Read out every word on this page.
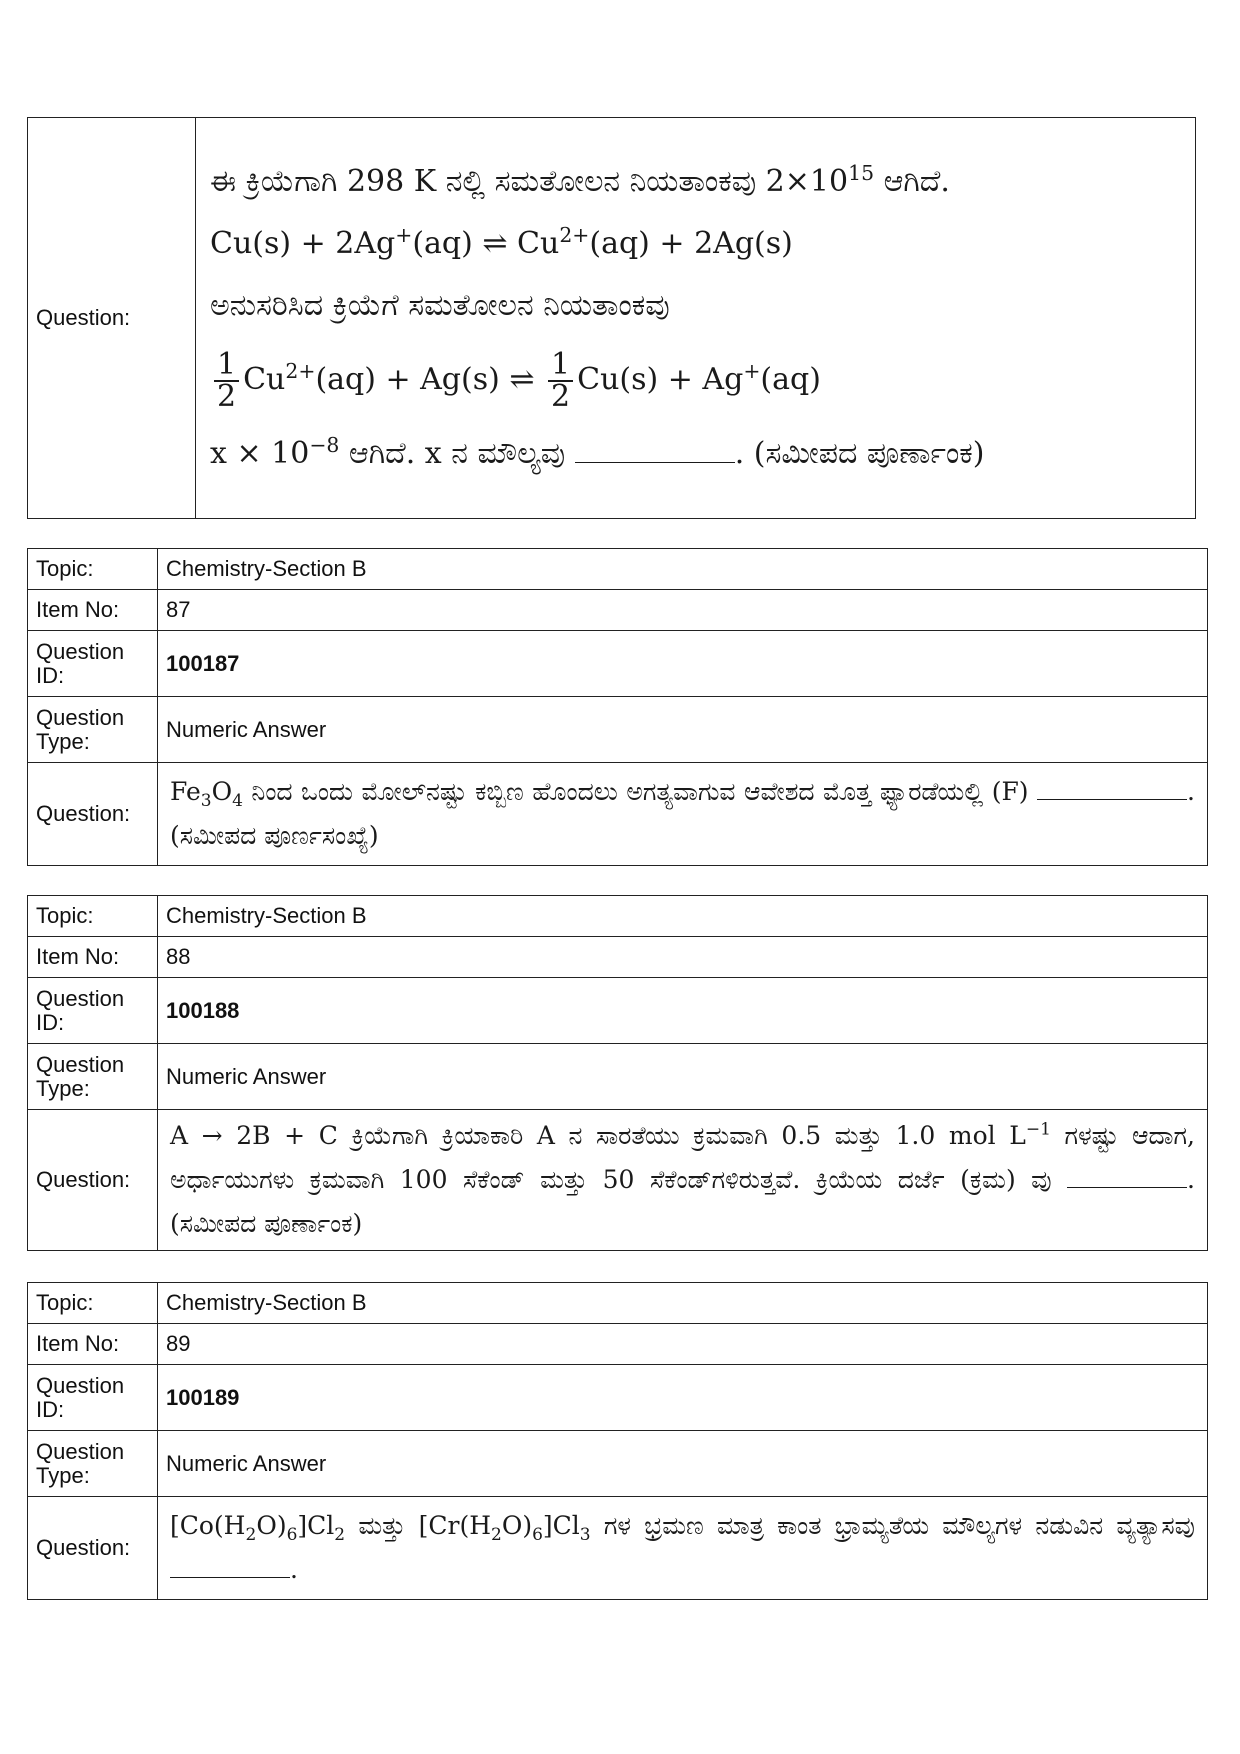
Question:	
ಈ ಕ್ರಿಯೆಗಾಗಿ 298 K ನಲ್ಲಿ ಸಮತೋಲನ ನಿಯತಾಂಕವು $2\times 10^{15}$ ಆಗಿದೆ.
Cu(s) + 2Ag+(aq) ⇌ $Cu^{2+}(aq) + 2Ag(s)$
ಅನುಸರಿಸಿದ ಕ್ರಿಯೆಗೆ ಸಮತೋಲನ ನಿಯತಾಂಕವು
$\frac{1}{2} Cu^{2+}(aq) + Ag(s)$ ⇌ $\frac{1}{2} Cu(s) + Ag^+(aq)$
$x \times 10^{-8}$ ಆಗಿದೆ. x ನ ಮೌಲ್ಯವು	. (ಸಮೀಪದ ಪೂರ್ಣಾಂಕ)
Topic:	Chemistry-Section B
Item No:	87
Question ID:	100187
Question Type:	Numeric Answer
Question:	$Fe_3O_4$ ನಿಂದ ಒಂದು ಮೋಲ್‌ನಷ್ಟು ಕಬ್ಬಿಣ ಹೊಂದಲು ಅಗತ್ಯವಾಗುವ ಆವೇಶದ ಮೊತ್ತ ಫ್ಯಾರಡೆಯಲ್ಲಿ (F) . (ಸಮೀಪದ ಪೂರ್ಣಸಂಖ್ಯೆ)
Topic:	Chemistry-Section B
Item No:	88
Question ID:	100188
Question Type:	Numeric Answer
Question:	A → 2B + C ಕ್ರಿಯೆಗಾಗಿ ಕ್ರಿಯಾಕಾರಿ A ನ ಸಾರತೆಯು ಕ್ರಮವಾಗಿ 0.5 ಮತ್ತು 1.0 mol $L^{-1}$ ಗಳಷ್ಟು ಆದಾಗ, ಅರ್ಧಾಯುಗಳು ಕ್ರಮವಾಗಿ 100 ಸೆಕೆಂಡ್ ಮತ್ತು 50 ಸೆಕೆಂಡ್‌ಗಳಿರುತ್ತವೆ. ಕ್ರಿಯೆಯ ದರ್ಜೆ (ಕ್ರಮ) ವು . (ಸಮೀಪದ ಪೂರ್ಣಾಂಕ)
Topic:	Chemistry-Section B
Item No:	89
Question ID:	100189
Question Type:	Numeric Answer
Question:	$[Co(H_2O)_6]Cl_2$ ಮತ್ತು $[Cr(H_2O)_6]Cl_3$ ಗಳ ಭ್ರಮಣ ಮಾತ್ರ ಕಾಂತ ಭ್ರಾಮ್ಯತೆಯ ಮೌಲ್ಯಗಳ ನಡುವಿನ ವ್ಯತ್ಯಾಸವು .
